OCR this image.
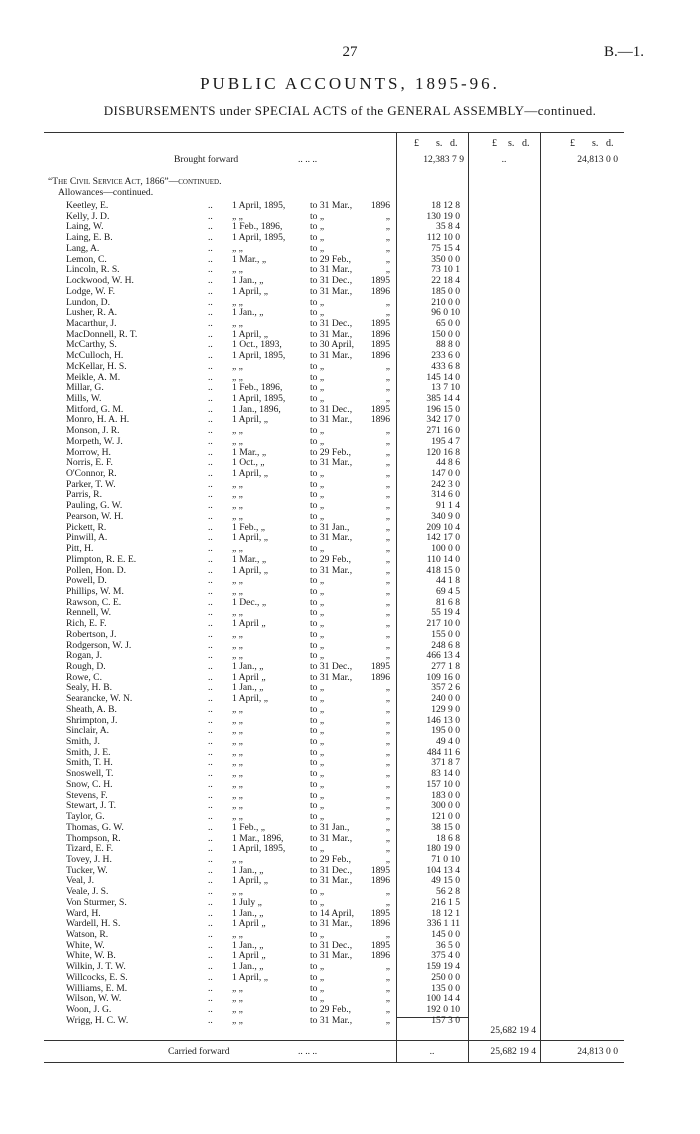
27	B.—1.
PUBLIC ACCOUNTS, 1895-96.
DISBURSEMENTS under SPECIAL ACTS of the GENERAL ASSEMBLY—continued.
£ s. d.	£ s. d.	£ s. d.
Brought forward	.. .. ..	12,383 7 9	..	24,813 0 0
“The Civil Service Act, 1866”—continued.
Allowances—continued.
Keetley, E.	.. 1 April, 1895,	to 31 Mar.,	1896	18 12 8
Kelly, J. D.	.. „ „	to „	„	130 19 0
Laing, W.	.. 1 Feb., 1896,	to „	„	35 8 4
Laing, E. B.	.. 1 April, 1895,	to „	„	112 10 0
Lang, A.	.. „ „	to „	„	75 15 4
Lemon, C.	.. 1 Mar., „	to 29 Feb.,	„	350 0 0
Lincoln, R. S.	.. „ „	to 31 Mar.,	„	73 10 1
Lockwood, W. H.	.. 1 Jan., „	to 31 Dec.,	1895	22 18 4
Lodge, W. F.	.. 1 April, „	to 31 Mar.,	1896	185 0 0
Lundon, D.	.. „ „	to „	„	210 0 0
Lusher, R. A.	.. 1 Jan., „	to „	„	96 0 10
Macarthur, J.	.. „ „	to 31 Dec.,	1895	65 0 0
MacDonnell, R. T.	.. 1 April, „	to 31 Mar.,	1896	150 0 0
McCarthy, S.	.. 1 Oct., 1893,	to 30 April,	1895	88 8 0
McCulloch, H.	.. 1 April, 1895,	to 31 Mar.,	1896	233 6 0
McKellar, H. S.	.. „ „	to „	„	433 6 8
Meikle, A. M.	.. „ „	to „	„	145 14 0
Millar, G.	.. 1 Feb., 1896,	to „	„	13 7 10
Mills, W.	.. 1 April, 1895,	to „	„	385 14 4
Mitford, G. M.	.. 1 Jan., 1896,	to 31 Dec.,	1895	196 15 0
Monro, H. A. H.	.. 1 April, „	to 31 Mar.,	1896	342 17 0
Monson, J. R.	.. „ „	to „	„	271 16 0
Morpeth, W. J.	.. „ „	to „	„	195 4 7
Morrow, H.	.. 1 Mar., „	to 29 Feb.,	„	120 16 8
Norris, E. F.	.. 1 Oct., „	to 31 Mar.,	„	44 8 6
O'Connor, R.	.. 1 April, „	to „	„	147 0 0
Parker, T. W.	.. „ „	to „	„	242 3 0
Parris, R.	.. „ „	to „	„	314 6 0
Pauling, G. W.	.. „ „	to „	„	91 1 4
Pearson, W. H.	.. „ „	to „	„	340 9 0
Pickett, R.	.. 1 Feb., „	to 31 Jan.,	„	209 10 4
Pinwill, A.	.. 1 April, „	to 31 Mar.,	„	142 17 0
Pitt, H.	.. „ „	to „	„	100 0 0
Plimpton, R. E. E.	.. 1 Mar., „	to 29 Feb.,	„	110 14 0
Pollen, Hon. D.	.. 1 April, „	to 31 Mar.,	„	418 15 0
Powell, D.	.. „ „	to „	„	44 1 8
Phillips, W. M.	.. „ „	to „	„	69 4 5
Rawson, C. E.	.. 1 Dec., „	to „	„	81 6 8
Rennell, W.	.. „ „	to „	„	55 19 4
Rich, E. F.	.. 1 April „	to „	„	217 10 0
Robertson, J.	.. „ „	to „	„	155 0 0
Rodgerson, W. J.	.. „ „	to „	„	248 6 8
Rogan, J.	.. „ „	to „	„	466 13 4
Rough, D.	.. 1 Jan., „	to 31 Dec.,	1895	277 1 8
Rowe, C.	.. 1 April „	to 31 Mar.,	1896	109 16 0
Sealy, H. B.	.. 1 Jan., „	to „	„	357 2 6
Searancke, W. N.	.. 1 April, „	to „	„	240 0 0
Sheath, A. B.	.. „ „	to „	„	129 9 0
Shrimpton, J.	.. „ „	to „	„	146 13 0
Sinclair, A.	.. „ „	to „	„	195 0 0
Smith, J.	.. „ „	to „	„	49 4 0
Smith, J. E.	.. „ „	to „	„	484 11 6
Smith, T. H.	.. „ „	to „	„	371 8 7
Snoswell, T.	.. „ „	to „	„	83 14 0
Snow, C. H.	.. „ „	to „	„	157 10 0
Stevens, F.	.. „ „	to „	„	183 0 0
Stewart, J. T.	.. „ „	to „	„	300 0 0
Taylor, G.	.. „ „	to „	„	121 0 0
Thomas, G. W.	.. 1 Feb., „	to 31 Jan.,	„	38 15 0
Thompson, R.	.. 1 Mar., 1896,	to 31 Mar.,	„	18 6 8
Tizard, E. F.	.. 1 April, 1895,	to „	„	180 19 0
Tovey, J. H.	.. „ „	to 29 Feb.,	„	71 0 10
Tucker, W.	.. 1 Jan., „	to 31 Dec.,	1895	104 13 4
Veal, J.	.. 1 April, „	to 31 Mar.,	1896	49 15 0
Veale, J. S.	.. „ „	to „	„	56 2 8
Von Sturmer, S.	.. 1 July „	to „	„	216 1 5
Ward, H.	.. 1 Jan., „	to 14 April,	1895	18 12 1
Wardell, H. S.	.. 1 April „	to 31 Mar.,	1896	336 1 11
Watson, R.	.. „ „	to „	„	145 0 0
White, W.	.. 1 Jan., „	to 31 Dec.,	1895	36 5 0
White, W. B.	.. 1 April „	to 31 Mar.,	1896	375 4 0
Wilkin, J. T. W.	.. 1 Jan., „	to „	„	159 19 4
Willcocks, E. S.	.. 1 April, „	to „	„	250 0 0
Williams, E. M.	.. „ „	to „	„	135 0 0
Wilson, W. W.	.. „ „	to „	„	100 14 4
Woon, J. G.	.. „ „	to 29 Feb.,	„	192 0 10
Wrigg, H. C. W.	.. „ „	to 31 Mar.,	„	157 3 0
25,682 19 4
Carried forward	.. .. ..	..	25,682 19 4	24,813 0 0
